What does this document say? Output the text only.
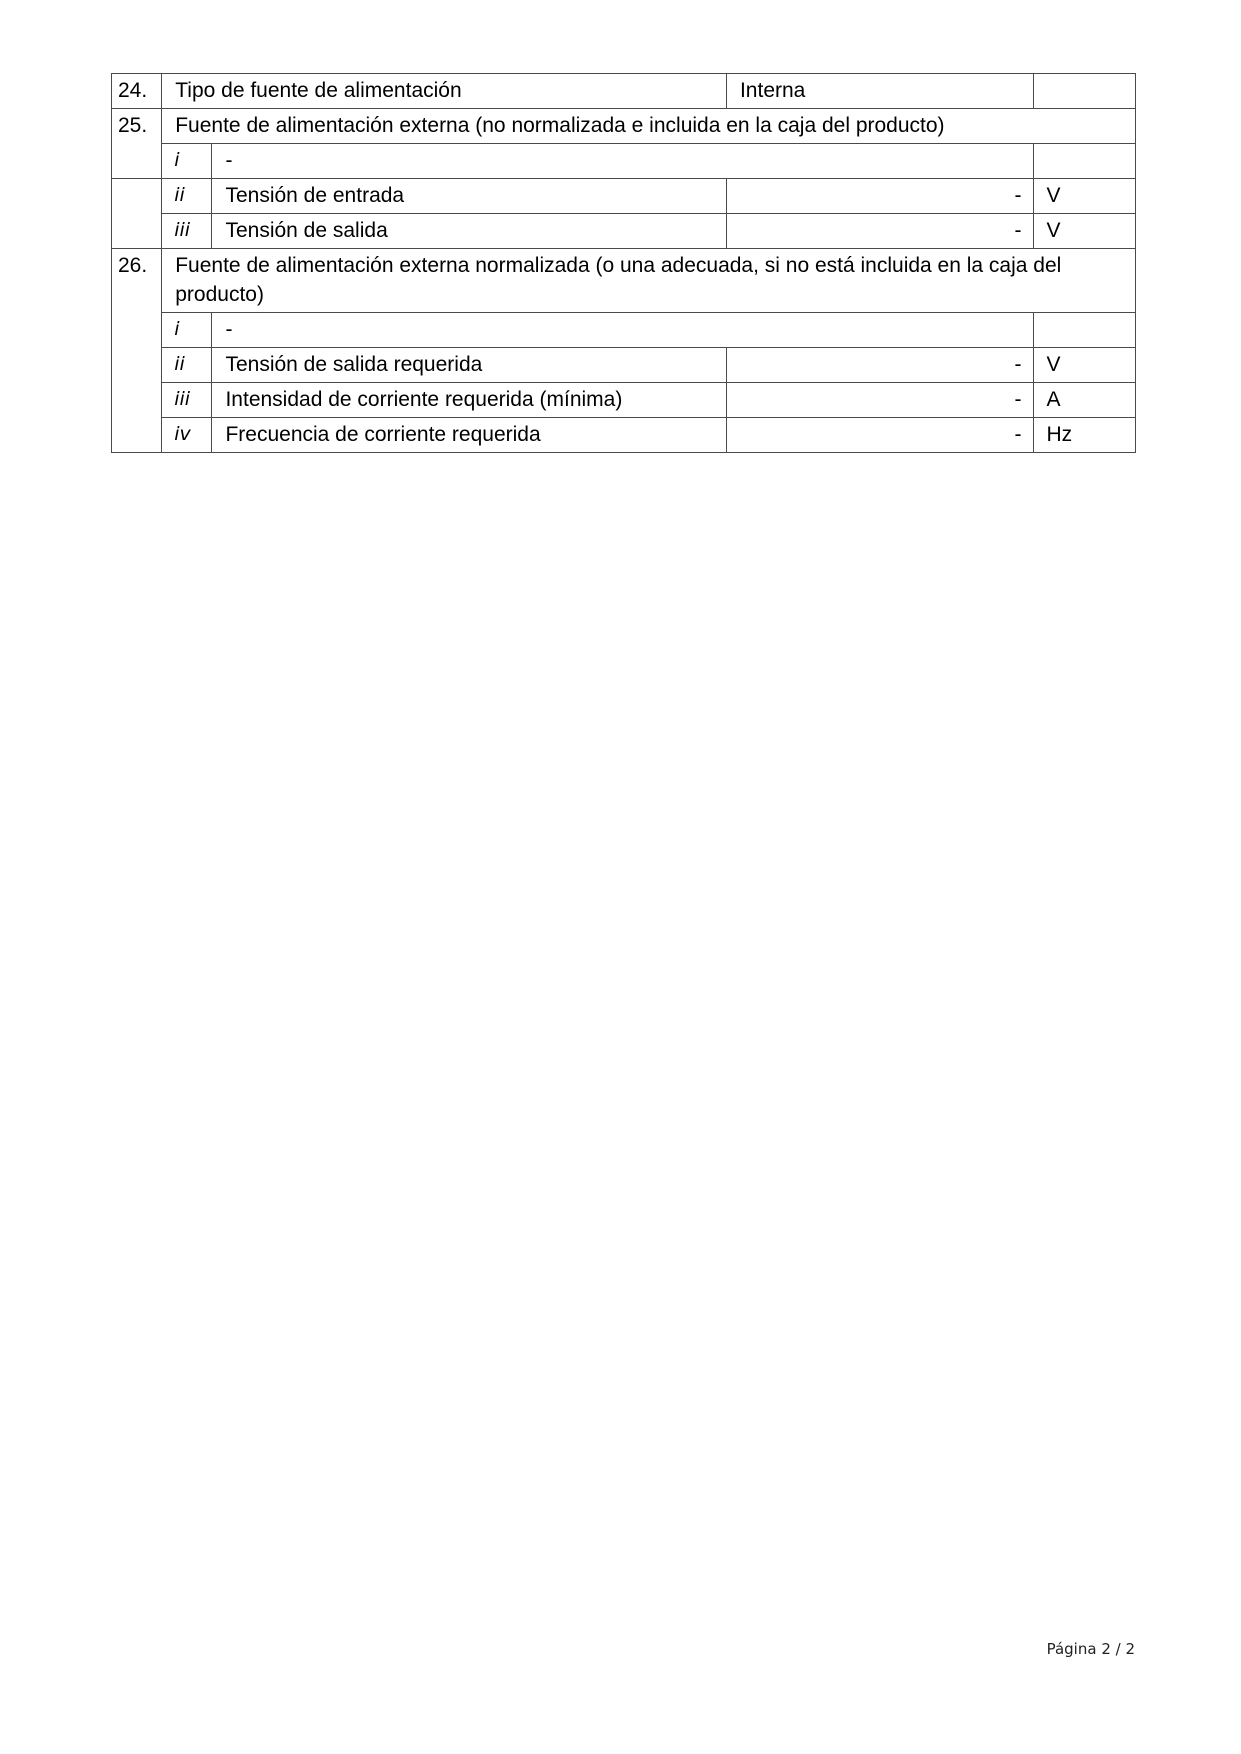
24.	Tipo de fuente de alimentación		Interna	
25.	Fuente de alimentación externa (no normalizada e incluida en la caja del producto)			
	i	-		
	ii	Tensión de entrada	-	V
	iii	Tensión de salida	-	V
26.	Fuente de alimentación externa normalizada (o una adecuada, si no está incluida en la caja del producto)			
	i	-		
	ii	Tensión de salida requerida	-	V
	iii	Intensidad de corriente requerida (mínima)	-	A
	iv	Frecuencia de corriente requerida	-	Hz
Página 2 / 2
